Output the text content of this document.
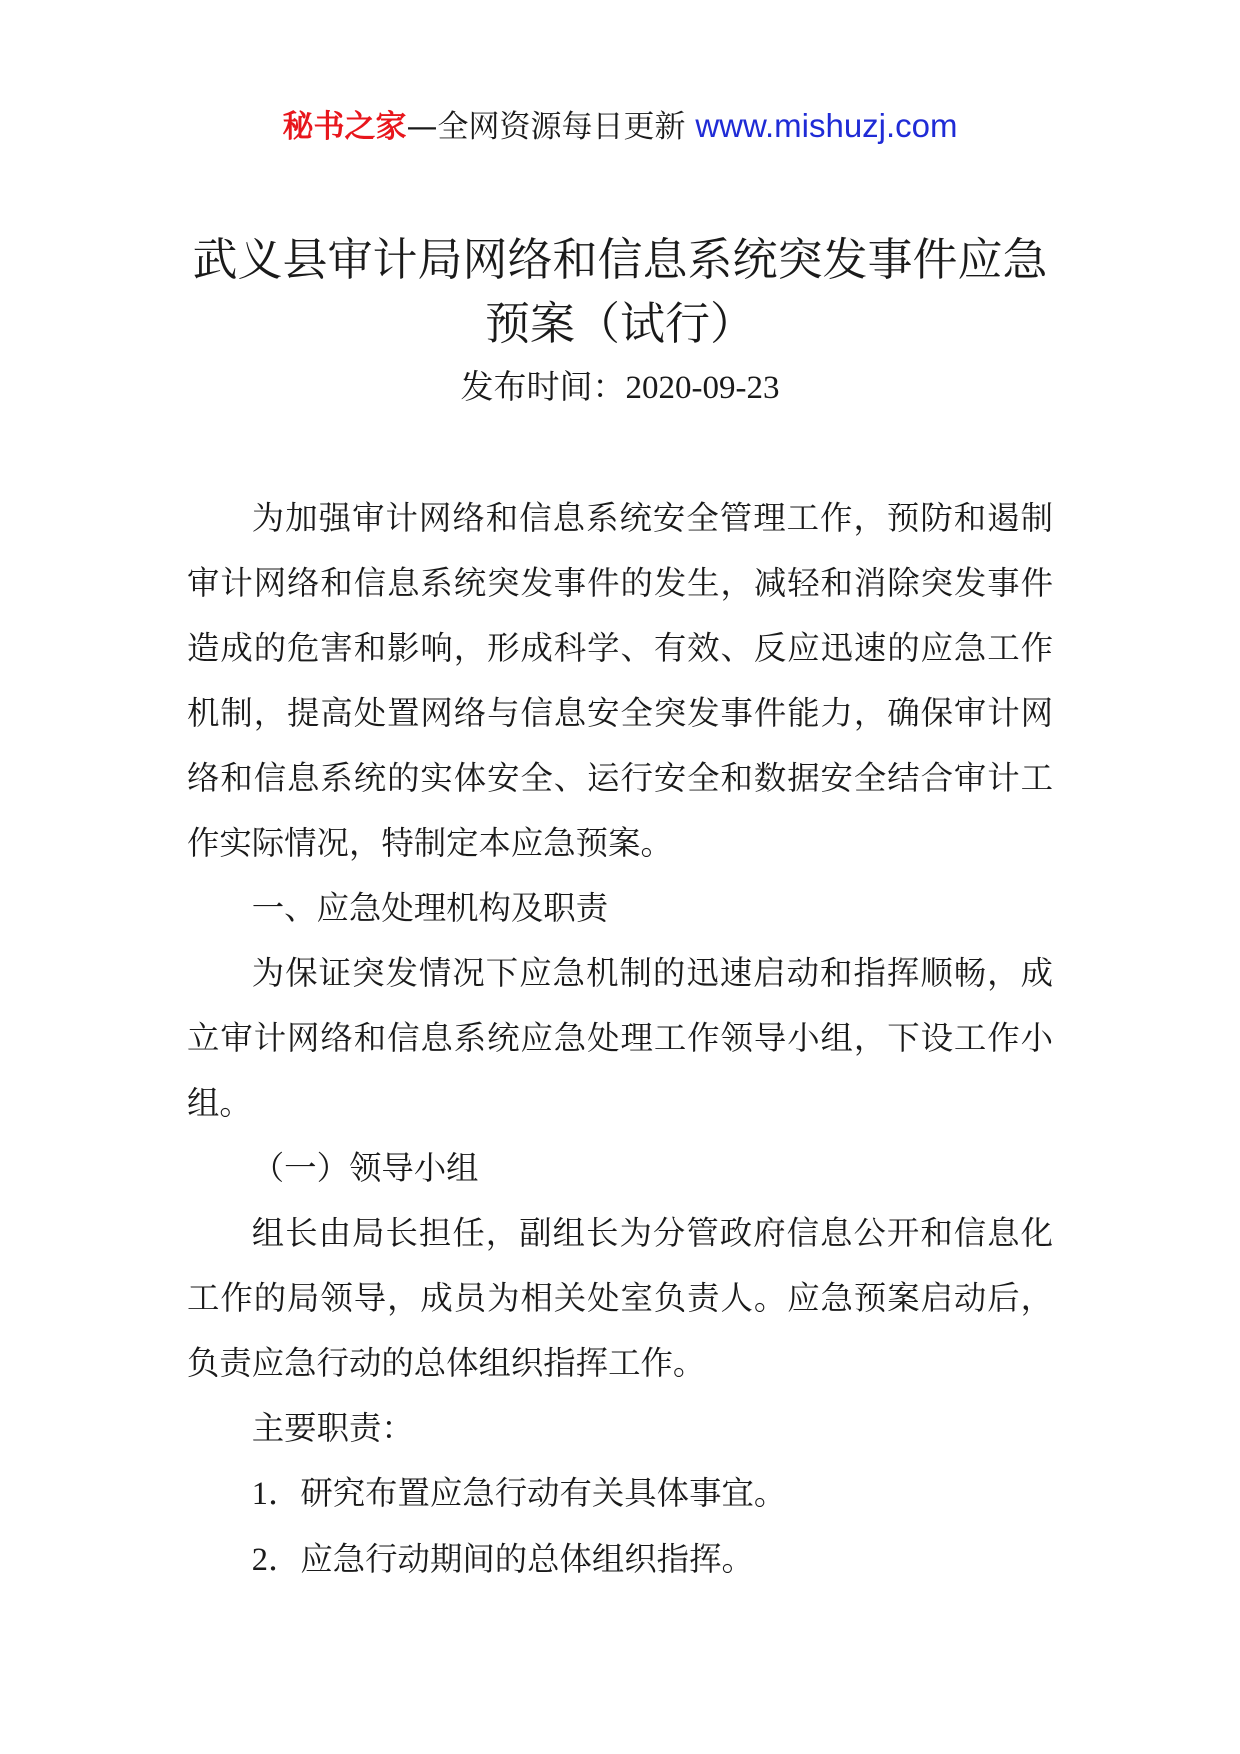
秘书之家—全网资源每日更新 www.mishuzj.com
武义县审计局网络和信息系统突发事件应急预案（试行）
发布时间：2020-09-23

为加强审计网络和信息系统安全管理工作，预防和遏制审计网络和信息系统突发事件的发生，减轻和消除突发事件造成的危害和影响，形成科学、有效、反应迅速的应急工作机制，提高处置网络与信息安全突发事件能力，确保审计网络和信息系统的实体安全、运行安全和数据安全结合审计工作实际情况，特制定本应急预案。

一、应急处理机构及职责

为保证突发情况下应急机制的迅速启动和指挥顺畅，成立审计网络和信息系统应急处理工作领导小组，下设工作小组。

（一）领导小组

组长由局长担任，副组长为分管政府信息公开和信息化工作的局领导，成员为相关处室负责人。应急预案启动后，负责应急行动的总体组织指挥工作。

主要职责：

1．研究布置应急行动有关具体事宜。

2．应急行动期间的总体组织指挥。
